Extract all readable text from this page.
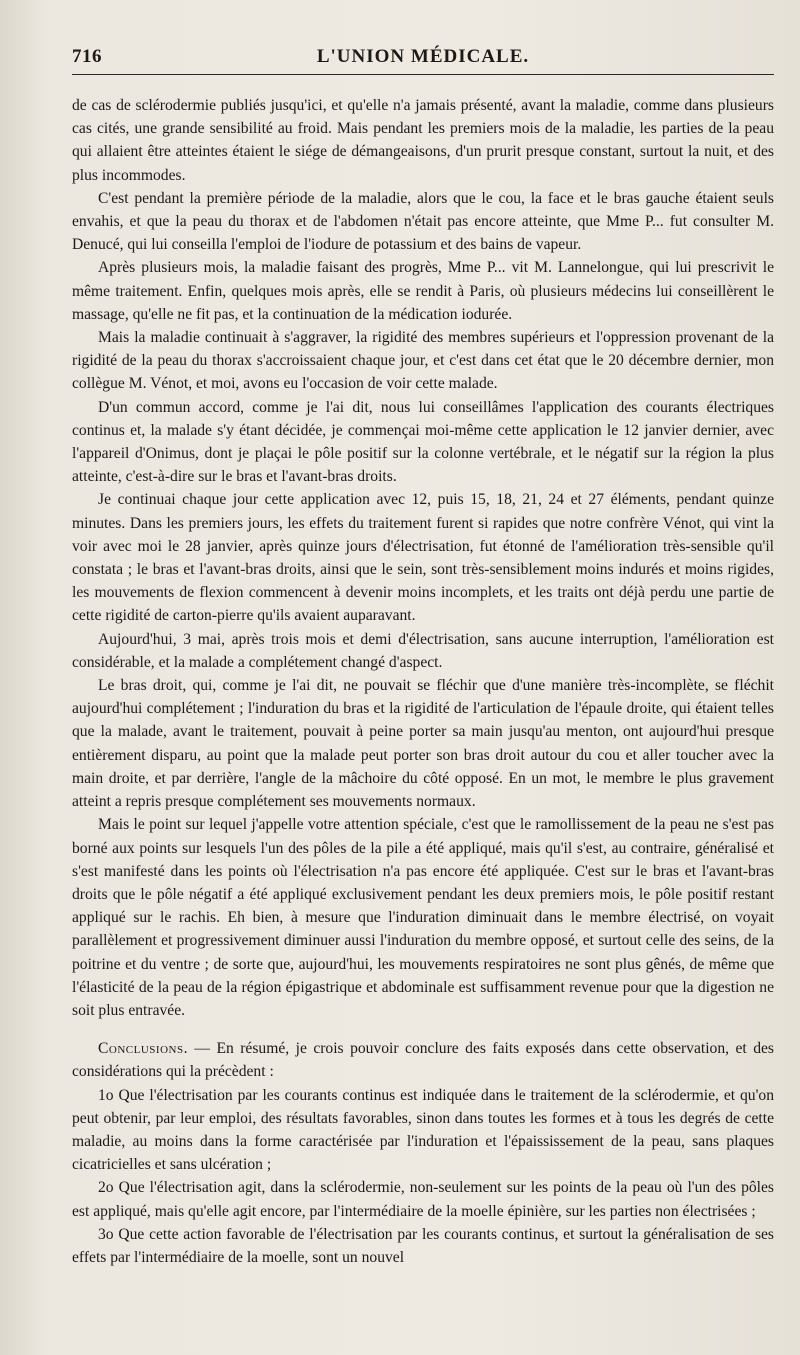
716	L'UNION MÉDICALE.

de cas de sclérodermie publiés jusqu'ici, et qu'elle n'a jamais présenté, avant la maladie, comme dans plusieurs cas cités, une grande sensibilité au froid. Mais pendant les premiers mois de la maladie, les parties de la peau qui allaient être atteintes étaient le siége de démangeaisons, d'un prurit presque constant, surtout la nuit, et des plus incommodes.

C'est pendant la première période de la maladie, alors que le cou, la face et le bras gauche étaient seuls envahis, et que la peau du thorax et de l'abdomen n'était pas encore atteinte, que Mme P... fut consulter M. Denucé, qui lui conseilla l'emploi de l'iodure de potassium et des bains de vapeur.

Après plusieurs mois, la maladie faisant des progrès, Mme P... vit M. Lannelongue, qui lui prescrivit le même traitement. Enfin, quelques mois après, elle se rendit à Paris, où plusieurs médecins lui conseillèrent le massage, qu'elle ne fit pas, et la continuation de la médication iodurée.

Mais la maladie continuait à s'aggraver, la rigidité des membres supérieurs et l'oppression provenant de la rigidité de la peau du thorax s'accroissaient chaque jour, et c'est dans cet état que le 20 décembre dernier, mon collègue M. Vénot, et moi, avons eu l'occasion de voir cette malade.

D'un commun accord, comme je l'ai dit, nous lui conseillâmes l'application des courants électriques continus et, la malade s'y étant décidée, je commençai moi-même cette application le 12 janvier dernier, avec l'appareil d'Onimus, dont je plaçai le pôle positif sur la colonne vertébrale, et le négatif sur la région la plus atteinte, c'est-à-dire sur le bras et l'avant-bras droits.

Je continuai chaque jour cette application avec 12, puis 15, 18, 21, 24 et 27 éléments, pendant quinze minutes. Dans les premiers jours, les effets du traitement furent si rapides que notre confrère Vénot, qui vint la voir avec moi le 28 janvier, après quinze jours d'électrisation, fut étonné de l'amélioration très-sensible qu'il constata ; le bras et l'avant-bras droits, ainsi que le sein, sont très-sensiblement moins indurés et moins rigides, les mouvements de flexion commencent à devenir moins incomplets, et les traits ont déjà perdu une partie de cette rigidité de carton-pierre qu'ils avaient auparavant.

Aujourd'hui, 3 mai, après trois mois et demi d'électrisation, sans aucune interruption, l'amélioration est considérable, et la malade a complétement changé d'aspect.

Le bras droit, qui, comme je l'ai dit, ne pouvait se fléchir que d'une manière très-incomplète, se fléchit aujourd'hui complétement ; l'induration du bras et la rigidité de l'articulation de l'épaule droite, qui étaient telles que la malade, avant le traitement, pouvait à peine porter sa main jusqu'au menton, ont aujourd'hui presque entièrement disparu, au point que la malade peut porter son bras droit autour du cou et aller toucher avec la main droite, et par derrière, l'angle de la mâchoire du côté opposé. En un mot, le membre le plus gravement atteint a repris presque complétement ses mouvements normaux.

Mais le point sur lequel j'appelle votre attention spéciale, c'est que le ramollissement de la peau ne s'est pas borné aux points sur lesquels l'un des pôles de la pile a été appliqué, mais qu'il s'est, au contraire, généralisé et s'est manifesté dans les points où l'électrisation n'a pas encore été appliquée. C'est sur le bras et l'avant-bras droits que le pôle négatif a été appliqué exclusivement pendant les deux premiers mois, le pôle positif restant appliqué sur le rachis. Eh bien, à mesure que l'induration diminuait dans le membre électrisé, on voyait parallèlement et progressivement diminuer aussi l'induration du membre opposé, et surtout celle des seins, de la poitrine et du ventre ; de sorte que, aujourd'hui, les mouvements respiratoires ne sont plus gênés, de même que l'élasticité de la peau de la région épigastrique et abdominale est suffisamment revenue pour que la digestion ne soit plus entravée.

Conclusions. — En résumé, je crois pouvoir conclure des faits exposés dans cette observation, et des considérations qui la précèdent :

1o Que l'électrisation par les courants continus est indiquée dans le traitement de la sclérodermie, et qu'on peut obtenir, par leur emploi, des résultats favorables, sinon dans toutes les formes et à tous les degrés de cette maladie, au moins dans la forme caractérisée par l'induration et l'épaississement de la peau, sans plaques cicatricielles et sans ulcération ;

2o Que l'électrisation agit, dans la sclérodermie, non-seulement sur les points de la peau où l'un des pôles est appliqué, mais qu'elle agit encore, par l'intermédiaire de la moelle épinière, sur les parties non électrisées ;

3o Que cette action favorable de l'électrisation par les courants continus, et surtout la généralisation de ses effets par l'intermédiaire de la moelle, sont un nouvel
